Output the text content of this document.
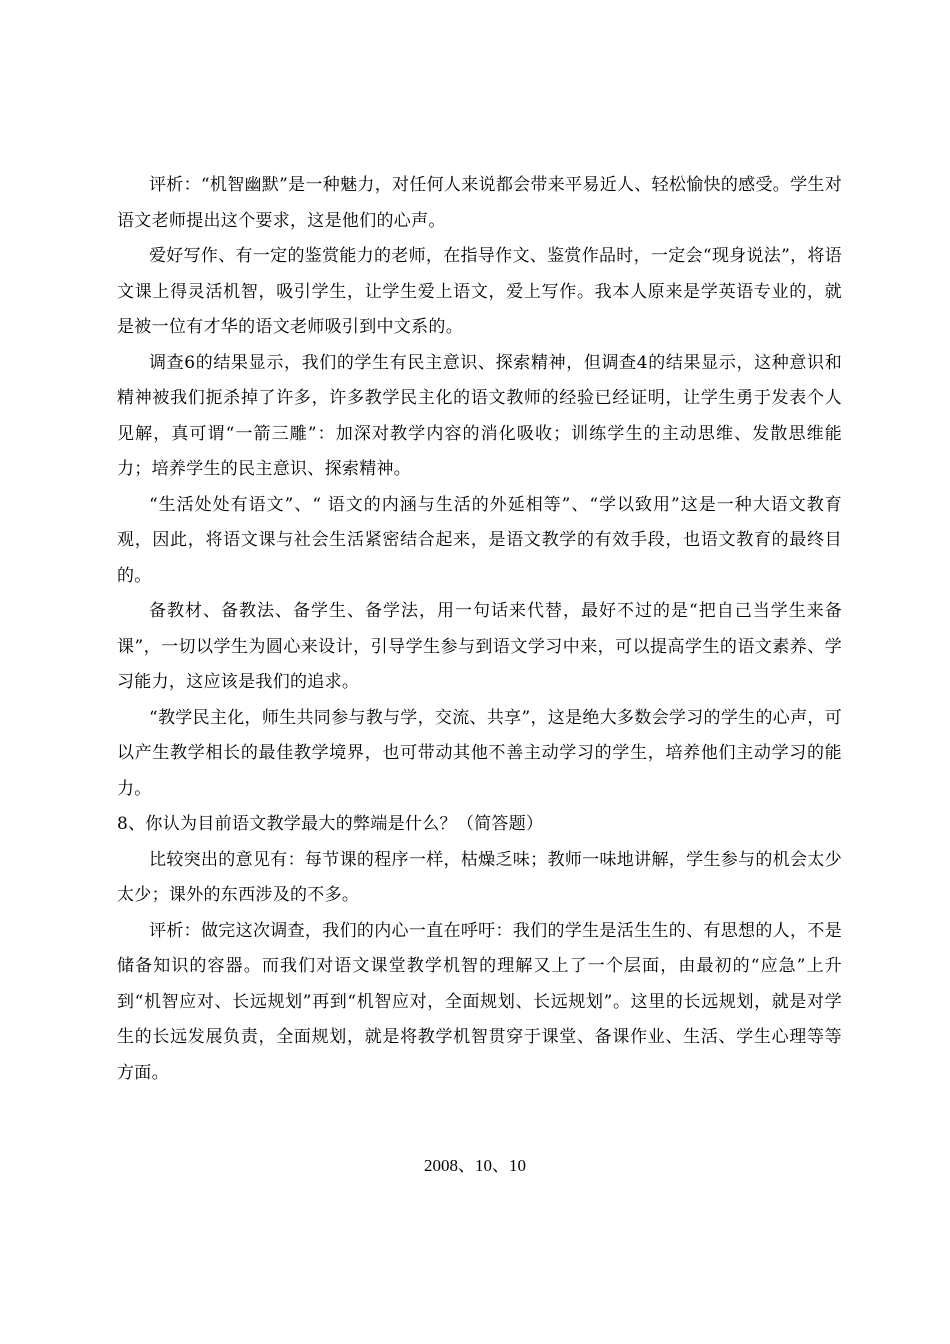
评析：“机智幽默”是一种魅力，对任何人来说都会带来平易近人、轻松愉快的感受。学生对语文老师提出这个要求，这是他们的心声。

爱好写作、有一定的鉴赏能力的老师，在指导作文、鉴赏作品时，一定会“现身说法”，将语文课上得灵活机智，吸引学生，让学生爱上语文，爱上写作。我本人原来是学英语专业的，就是被一位有才华的语文老师吸引到中文系的。

调查6的结果显示，我们的学生有民主意识、探索精神，但调查4的结果显示，这种意识和精神被我们扼杀掉了许多，许多教学民主化的语文教师的经验已经证明，让学生勇于发表个人见解，真可谓“一箭三雕”：加深对教学内容的消化吸收；训练学生的主动思维、发散思维能力；培养学生的民主意识、探索精神。

“生活处处有语文”、“ 语文的内涵与生活的外延相等”、“学以致用”这是一种大语文教育观，因此，将语文课与社会生活紧密结合起来，是语文教学的有效手段，也语文教育的最终目的。

备教材、备教法、备学生、备学法，用一句话来代替，最好不过的是“把自己当学生来备课”，一切以学生为圆心来设计，引导学生参与到语文学习中来，可以提高学生的语文素养、学习能力，这应该是我们的追求。

“教学民主化，师生共同参与教与学，交流、共享”，这是绝大多数会学习的学生的心声，可以产生教学相长的最佳教学境界，也可带动其他不善主动学习的学生，培养他们主动学习的能力。

8、你认为目前语文教学最大的弊端是什么？（简答题）

比较突出的意见有：每节课的程序一样，枯燥乏味；教师一味地讲解，学生参与的机会太少太少；课外的东西涉及的不多。

评析：做完这次调查，我们的内心一直在呼吁：我们的学生是活生生的、有思想的人，不是储备知识的容器。而我们对语文课堂教学机智的理解又上了一个层面，由最初的“应急”上升到“机智应对、长远规划”再到“机智应对，全面规划、长远规划”。这里的长远规划，就是对学生的长远发展负责，全面规划，就是将教学机智贯穿于课堂、备课作业、生活、学生心理等等方面。

2008、10、10
